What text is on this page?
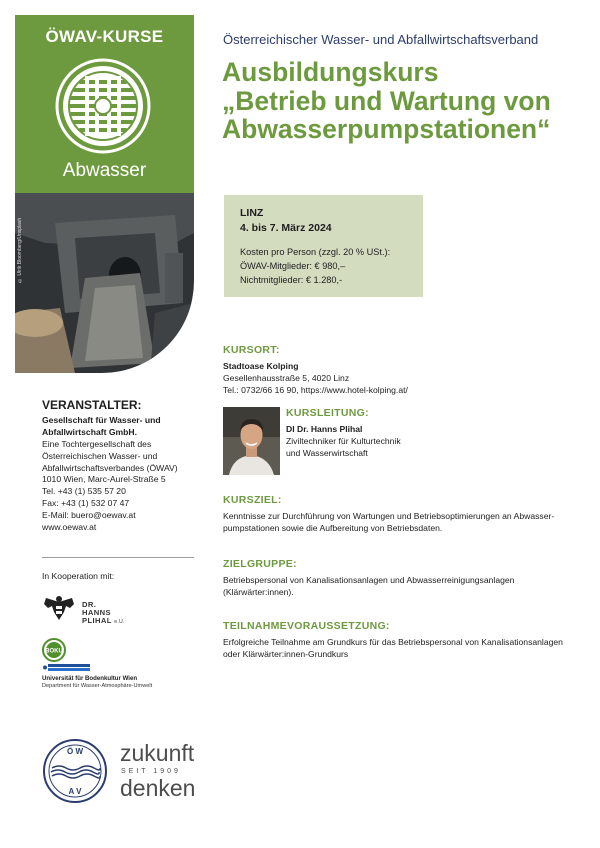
ÖWAV-KURSE
Abwasser
© Ulrik Bloomberg/Unsplash
VERANSTALTER:
Gesellschaft für Wasser- und
Abfallwirtschaft GmbH.
Eine Tochtergesellschaft des
Österreichischen Wasser- und
Abfallwirtschaftsverbandes (ÖWAV)
1010 Wien, Marc-Aurel-Straße 5
Tel. +43 (1) 535 57 20
Fax: +43 (1) 532 07 47
E-Mail: buero@oewav.at
www.oewav.at
In Kooperation mit:
DR.
HANNS
PLIHAL e.U.
BOKU
Universität für Bodenkultur Wien
Department für Wasser-Atmosphäre-Umwelt
Ö W
A V
zukunft
SEIT 1909
denken
Österreichischer Wasser- und Abfallwirtschaftsverband
Ausbildungskurs
„Betrieb und Wartung von
Abwasserpumpstationen“
LINZ
4. bis 7. März 2024
Kosten pro Person (zzgl. 20 % USt.):
ÖWAV-Mitglieder: € 980,–
Nichtmitglieder: € 1.280,-
KURSORT:
Stadtoase Kolping
Gesellenhausstraße 5, 4020 Linz
Tel.: 0732/66 16 90, https://www.hotel-kolping.at/
KURSLEITUNG:
DI Dr. Hanns Plihal
Ziviltechniker für Kulturtechnik
und Wasserwirtschaft
KURSZIEL:
Kenntnisse zur Durchführung von Wartungen und Betriebsoptimierungen an Abwasser-
pumpstationen sowie die Aufbereitung von Betriebsdaten.
ZIELGRUPPE:
Betriebspersonal von Kanalisationsanlagen und Abwasserreinigungsanlagen
(Klärwärter:innen).
TEILNAHMEVORAUSSETZUNG:
Erfolgreiche Teilnahme am Grundkurs für das Betriebspersonal von Kanalisationsanlagen
oder Klärwärter:innen-Grundkurs
